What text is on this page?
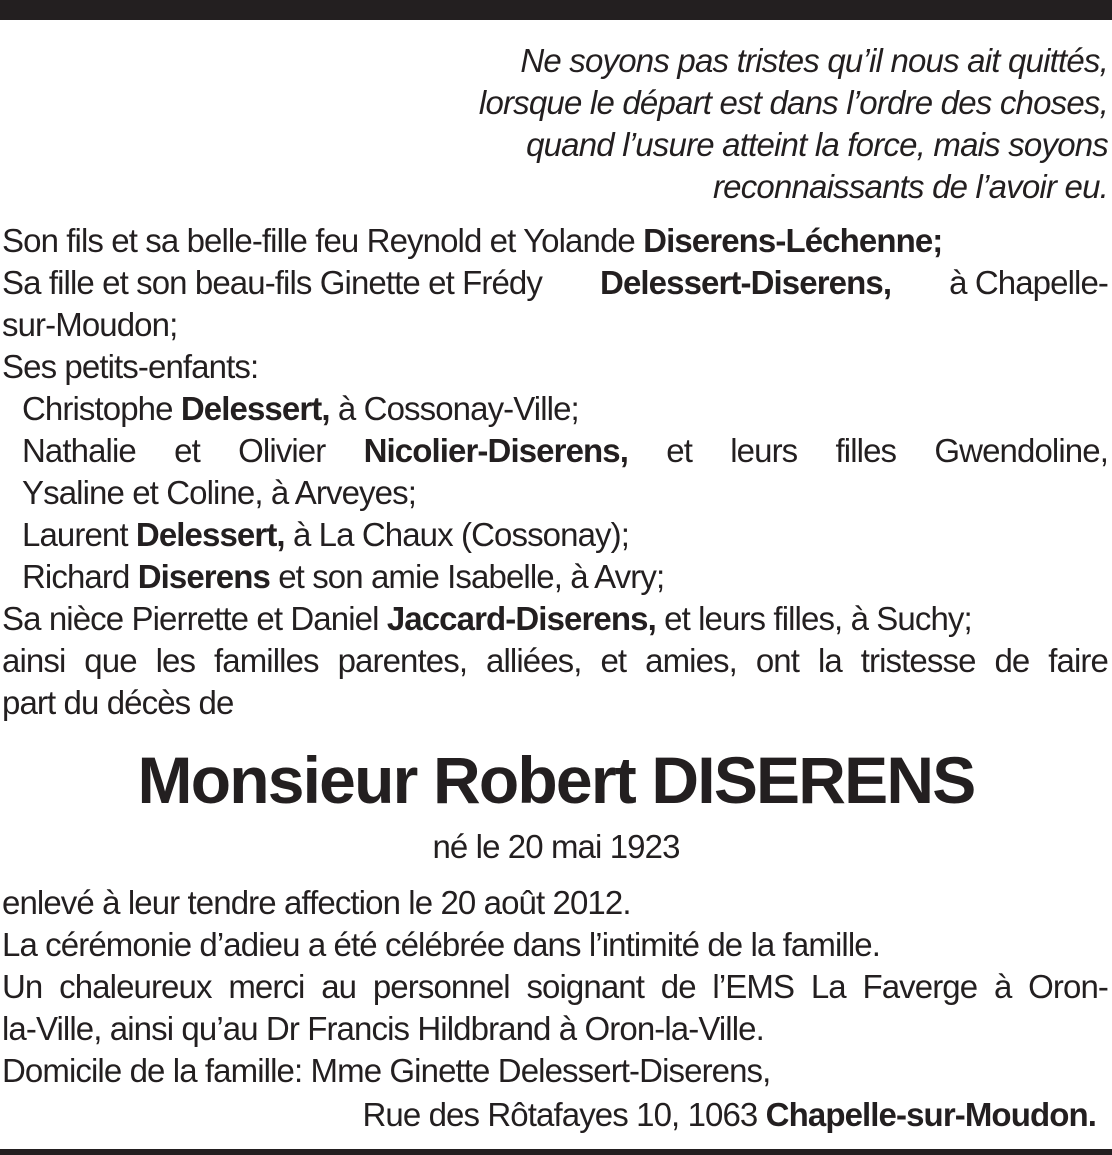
Ne soyons pas tristes qu’il nous ait quittés,
lorsque le départ est dans l’ordre des choses,
quand l’usure atteint la force, mais soyons
reconnaissants de l’avoir eu.
Son fils et sa belle-fille feu Reynold et Yolande Diserens-Léchenne;
Sa fille et son beau-fils Ginette et Frédy Delessert-Diserens, à Chapelle-
sur-Moudon;
Ses petits-enfants:
Christophe Delessert, à Cossonay-Ville;
Nathalie et Olivier Nicolier-Diserens, et leurs filles Gwendoline,
Ysaline et Coline, à Arveyes;
Laurent Delessert, à La Chaux (Cossonay);
Richard Diserens et son amie Isabelle, à Avry;
Sa nièce Pierrette et Daniel Jaccard-Diserens, et leurs filles, à Suchy;
ainsi que les familles parentes, alliées, et amies, ont la tristesse de faire
part du décès de
Monsieur Robert DISERENS
né le 20 mai 1923
enlevé à leur tendre affection le 20 août 2012.
La cérémonie d’adieu a été célébrée dans l’intimité de la famille.
Un chaleureux merci au personnel soignant de l’EMS La Faverge à Oron-
la-Ville, ainsi qu’au Dr Francis Hildbrand à Oron-la-Ville.
Domicile de la famille: Mme Ginette Delessert-Diserens,
Rue des Rôtafayes 10, 1063 Chapelle-sur-Moudon.
